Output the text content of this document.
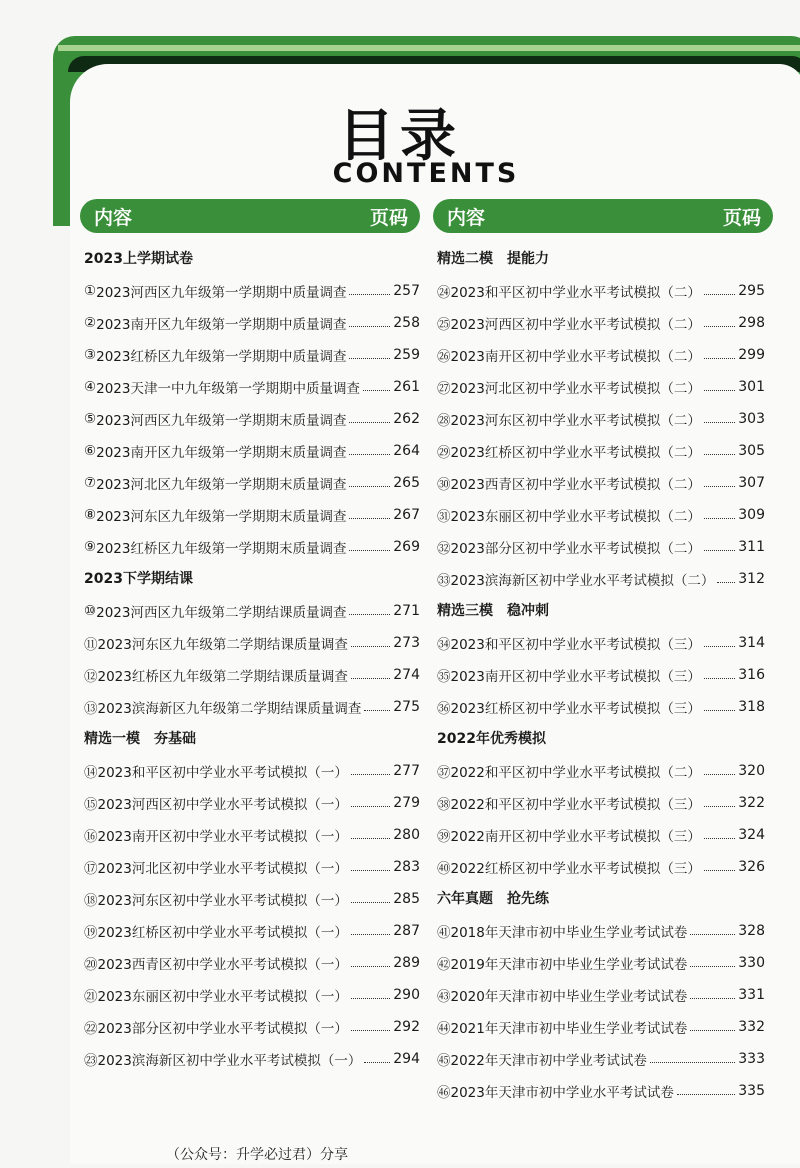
目录
CONTENTS
内容	页码
2023上学期试卷
① 2023河西区九年级第一学期期中质量调查	257
② 2023南开区九年级第一学期期中质量调查	258
③ 2023红桥区九年级第一学期期中质量调查	259
④ 2023天津一中九年级第一学期期中质量调查 261
⑤ 2023河西区九年级第一学期期末质量调查	262
⑥ 2023南开区九年级第一学期期末质量调查	264
⑦ 2023河北区九年级第一学期期末质量调查	265
⑧ 2023河东区九年级第一学期期末质量调查	267
⑨ 2023红桥区九年级第一学期期末质量调查	269
2023下学期结课
⑩ 2023河西区九年级第二学期结课质量调查	271
⑪ 2023河东区九年级第二学期结课质量调查	273
⑫ 2023红桥区九年级第二学期结课质量调查	274
⑬ 2023滨海新区九年级第二学期结课质量调查 275
精选一模　夯基础
⑭ 2023和平区初中学业水平考试模拟（一）	277
⑮ 2023河西区初中学业水平考试模拟（一）	279
⑯ 2023南开区初中学业水平考试模拟（一）	280
⑰ 2023河北区初中学业水平考试模拟（一）	283
⑱ 2023河东区初中学业水平考试模拟（一）	285
⑲ 2023红桥区初中学业水平考试模拟（一）	287
⑳ 2023西青区初中学业水平考试模拟（一）	289
㉑ 2023东丽区初中学业水平考试模拟（一）	290
㉒ 2023部分区初中学业水平考试模拟（一）	292
㉓ 2023滨海新区初中学业水平考试模拟（一） 294
内容	页码
精选二模　提能力
㉔ 2023和平区初中学业水平考试模拟（二）	295
㉕ 2023河西区初中学业水平考试模拟（二）	298
㉖ 2023南开区初中学业水平考试模拟（二）	299
㉗ 2023河北区初中学业水平考试模拟（二）	301
㉘ 2023河东区初中学业水平考试模拟（二）	303
㉙ 2023红桥区初中学业水平考试模拟（二）	305
㉚ 2023西青区初中学业水平考试模拟（二）	307
㉛ 2023东丽区初中学业水平考试模拟（二）	309
㉜ 2023部分区初中学业水平考试模拟（二）	311
㉝ 2023滨海新区初中学业水平考试模拟（二） 312
精选三模　稳冲刺
㉞ 2023和平区初中学业水平考试模拟（三）	314
㉟ 2023南开区初中学业水平考试模拟（三）	316
㊱ 2023红桥区初中学业水平考试模拟（三）	318
2022年优秀模拟
㊲ 2022和平区初中学业水平考试模拟（二）	320
㊳ 2022和平区初中学业水平考试模拟（三）	322
㊴ 2022南开区初中学业水平考试模拟（三）	324
㊵ 2022红桥区初中学业水平考试模拟（三）	326
六年真题　抢先练
㊶ 2018年天津市初中毕业生学业考试试卷	328
㊷ 2019年天津市初中毕业生学业考试试卷	330
㊸ 2020年天津市初中毕业生学业考试试卷	331
㊹ 2021年天津市初中毕业生学业考试试卷	332
㊺ 2022年天津市初中学业考试试卷	333
㊻ 2023年天津市初中学业水平考试试卷	335
（公众号：升学必过君）分享
